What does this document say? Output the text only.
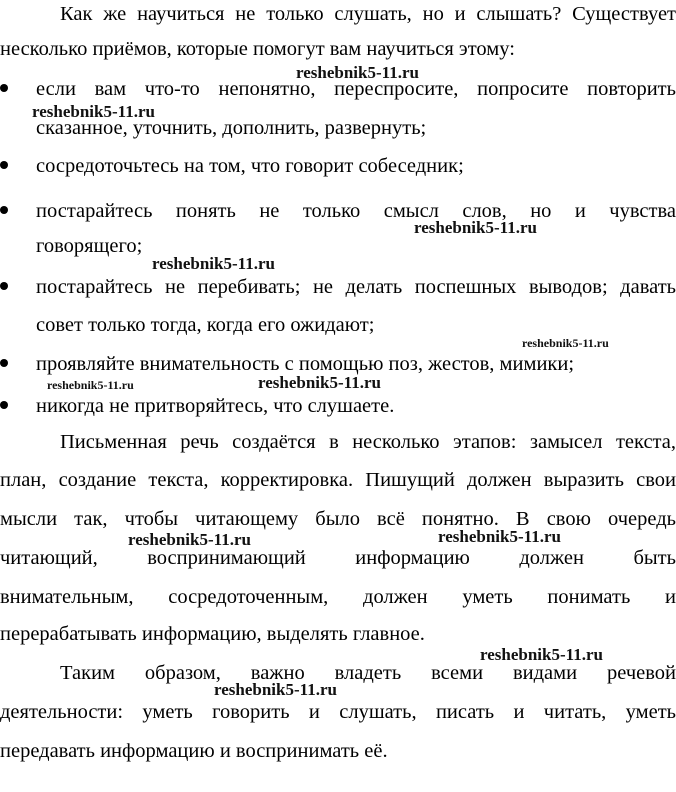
Как же научиться не только слушать, но и слышать? Существует
несколько приёмов, которые помогут вам научиться этому:
если вам что-то непонятно, переспросите, попросите повторить
сказанное, уточнить, дополнить, развернуть;
сосредоточьтесь на том, что говорит собеседник;
постарайтесь понять не только смысл слов, но и чувства
говорящего;
постарайтесь не перебивать; не делать поспешных выводов; давать
совет только тогда, когда его ожидают;
проявляйте внимательность с помощью поз, жестов, мимики;
никогда не притворяйтесь, что слушаете.
Письменная речь создаётся в несколько этапов: замысел текста,
план, создание текста, корректировка. Пишущий должен выразить свои
мысли так, чтобы читающему было всё понятно. В свою очередь
читающий, воспринимающий информацию должен быть
внимательным, сосредоточенным, должен уметь понимать и
перерабатывать информацию, выделять главное.
Таким образом, важно владеть всеми видами речевой
деятельности: уметь говорить и слушать, писать и читать, уметь
передавать информацию и воспринимать её.
reshebnik5-11.ru
reshebnik5-11.ru
reshebnik5-11.ru
reshebnik5-11.ru
reshebnik5-11.ru
reshebnik5-11.ru	reshebnik5-11.ru
reshebnik5-11.ru
reshebnik5-11.ru
reshebnik5-11.ru
reshebnik5-11.ru
